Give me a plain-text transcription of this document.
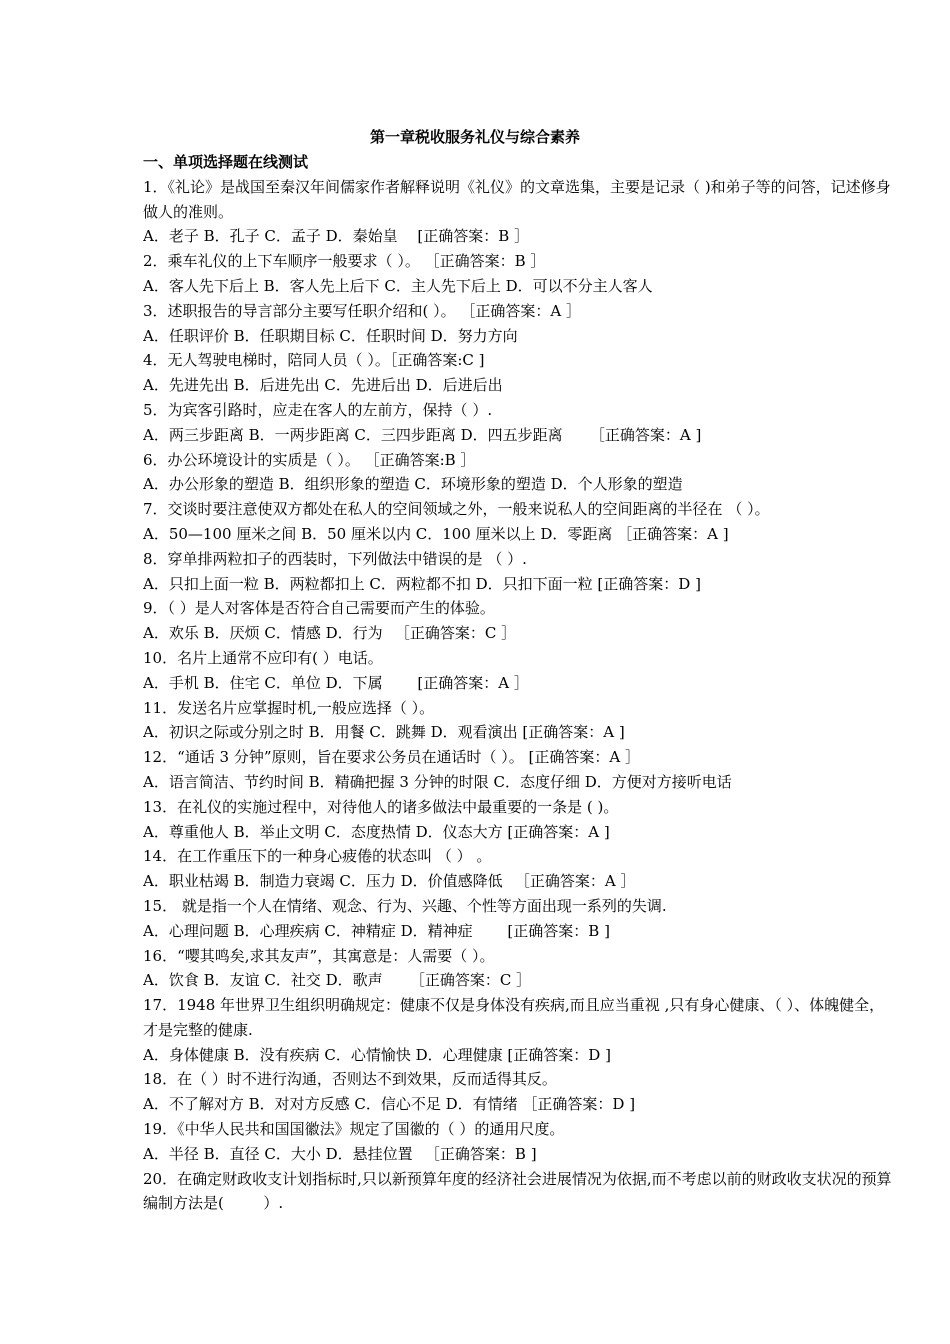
第一章税收服务礼仪与综合素养
一、单项选择题在线测试
1．《礼论》是战国至秦汉年间儒家作者解释说明《礼仪》的文章选集，主要是记录（ )和弟子等的问答，记述修身做人的准则。
A．老子 B．孔子 C．孟子 D．秦始皇 　[正确答案：B ］
2．乘车礼仪的上下车顺序一般要求（ ）。 ［正确答案：B ］
A．客人先下后上 B．客人先上后下 C．主人先下后上 D．可以不分主人客人
3．述职报告的导言部分主要写任职介绍和( ）。 ［正确答案：A ］
A．任职评价 B．任职期目标 C．任职时间 D．努力方向
4．无人驾驶电梯时，陪同人员（ ）。［正确答案:C ]
A．先进先出 B．后进先出 C．先进后出 D．后进后出
5．为宾客引路时，应走在客人的左前方，保持（ ）.
A．两三步距离 B．一两步距离 C．三四步距离 D．四五步距离 　　［正确答案：A ]
6．办公环境设计的实质是（ ）。 ［正确答案:B ］
A．办公形象的塑造 B．组织形象的塑造 C．环境形象的塑造 D．个人形象的塑造
7．交谈时要注意使双方都处在私人的空间领域之外，一般来说私人的空间距离的半径在 （ ）。
A．50—100 厘米之间 B．50 厘米以内 C．100 厘米以上 D．零距离 ［正确答案：A ]
8．穿单排两粒扣子的西装时，下列做法中错误的是 （ ）.
A．只扣上面一粒 B．两粒都扣上 C．两粒都不扣 D．只扣下面一粒 [正确答案：D ]
9．（ ）是人对客体是否符合自己需要而产生的体验。
A．欢乐 B．厌烦 C．情感 D．行为 　［正确答案：C ］
10．名片上通常不应印有( ）电话。
A．手机 B．住宅 C．单位 D．下属 　　[正确答案：A ］
11．发送名片应掌握时机,一般应选择（ ）。
A．初识之际或分别之时 B．用餐 C．跳舞 D．观看演出 [正确答案：A ]
12．“通话 3 分钟”原则，旨在要求公务员在通话时（ ）。 [正确答案：A ］
A．语言简洁、节约时间 B．精确把握 3 分钟的时限 C．态度仔细 D．方便对方接听电话
13．在礼仪的实施过程中，对待他人的诸多做法中最重要的一条是 ( )。
A．尊重他人 B．举止文明 C．态度热情 D．仪态大方 [正确答案：A ]
14．在工作重压下的一种身心疲倦的状态叫 （ ） 。
A．职业枯竭 B．制造力衰竭 C．压力 D．价值感降低 　［正确答案：A ］
15． 就是指一个人在情绪、观念、行为、兴趣、个性等方面出现一系列的失调.
A．心理问题 B．心理疾病 C．神精症 D．精神症 　　[正确答案：B ]
16．“嘤其鸣矣,求其友声”，其寓意是：人需要（ ）。
A．饮食 B．友谊 C．社交 D．歌声 　　［正确答案：C ］
17．1948 年世界卫生组织明确规定：健康不仅是身体没有疾病,而且应当重视 ,只有身心健康、（ ）、体魄健全，才是完整的健康.
A．身体健康 B．没有疾病 C．心情愉快 D．心理健康 [正确答案：D ]
18．在（ ）时不进行沟通，否则达不到效果，反而适得其反。
A．不了解对方 B．对对方反感 C．信心不足 D．有情绪 ［正确答案：D ]
19．《中华人民共和国国徽法》规定了国徽的（ ）的通用尺度。
A．半径 B．直径 C．大小 D．悬挂位置 　［正确答案：B ]
20．在确定财政收支计划指标时,只以新预算年度的经济社会进展情况为依据,而不考虑以前的财政收支状况的预算编制方法是( 　　 ）.
